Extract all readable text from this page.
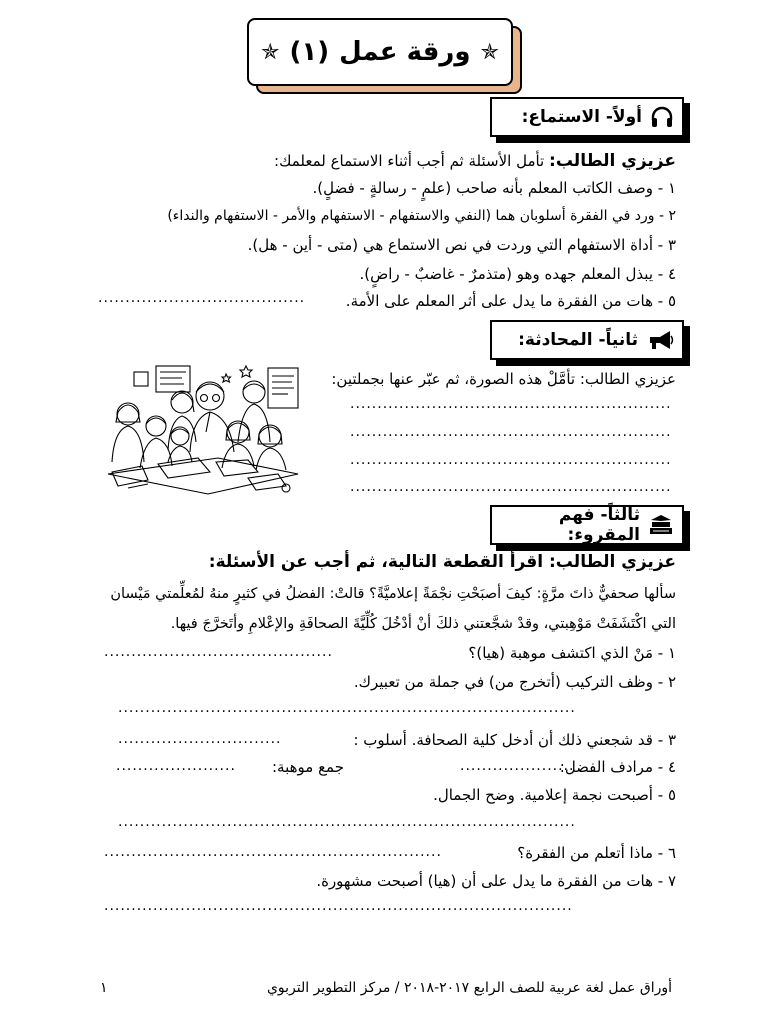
✯
ورقة عمل
(١)
✯
أولاً- الاستماع:
عزيزي الطالب: تأمل الأسئلة ثم أجب أثناء الاستماع لمعلمك:
١ - وصف الكاتب المعلم بأنه صاحب (علمٍ - رسالةٍ - فضلٍ).
٢ - ورد في الفقرة أسلوبان هما (النفي والاستفهام - الاستفهام والأمر - الاستفهام والنداء)
٣ - أداة الاستفهام التي وردت في نص الاستماع هي (متى - أين - هل).
٤ - يبذل المعلم جهده وهو (متذمرٌ - غاضبٌ - راضٍ).
٥ - هات من الفقرة ما يدل على أثر المعلم على الأمة.
......................................
ثانياً- المحادثة:
عزيزي الطالب: تأمَّلْ هذه الصورة، ثم عبّر عنها بجملتين:
...........................................................
...........................................................
...........................................................
...........................................................
ثالثاً- فهم المقروء:
عزيزي الطالب: اقرأ القطعة التالية، ثم أجب عن الأسئلة:
سألها صحفيٌّ ذاتَ مرَّةٍ: كيفَ أصبَحْتِ نجْمَةً إعلاميَّةً؟ قالتْ: الفضلُ في كثيرٍ منهُ لمُعلِّمتي مَيْسان
التي اكْتَشَفَتْ مَوْهِبتي، وقدْ شجَّعتني ذلكَ أنْ أدْخُلَ كُلِّيَّةَ الصحافَةِ والإعْلامِ وأتَخرَّجَ فيها.
١ - مَنْ الذي اكتشف موهبة (هيا)؟
..........................................
٢ - وظف التركيب (أتخرج من) في جملة من تعبيرك.
....................................................................................
٣ - قد شجعني ذلك أن أدخل كلية الصحافة. أسلوب :
..............................
٤ - مرادف الفضل:
.....................
جمع موهبة:
......................
٥ - أصبحت نجمة إعلامية. وضح الجمال.
....................................................................................
٦ - ماذا أتعلم من الفقرة؟
..............................................................
٧ - هات من الفقرة ما يدل على أن (هيا) أصبحت مشهورة.
......................................................................................
أوراق عمل لغة عربية للصف الرابع ٢٠١٧-٢٠١٨ / مركز التطوير التربوي
١
